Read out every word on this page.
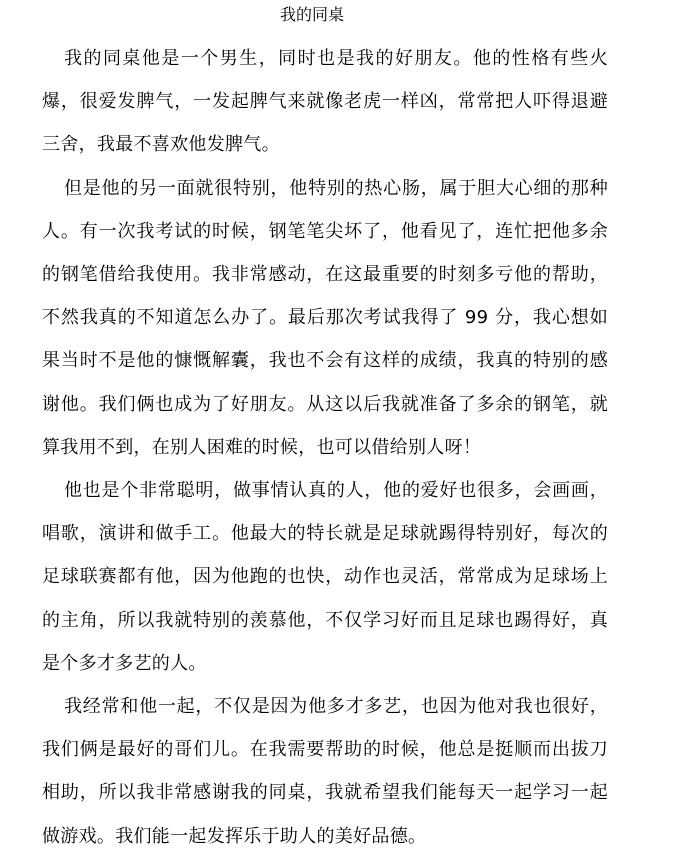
我的同桌

我的同桌他是一个男生，同时也是我的好朋友。他的性格有些火爆，很爱发脾气，一发起脾气来就像老虎一样凶，常常把人吓得退避三舍，我最不喜欢他发脾气。

但是他的另一面就很特别，他特别的热心肠，属于胆大心细的那种人。有一次我考试的时候，钢笔笔尖坏了，他看见了，连忙把他多余的钢笔借给我使用。我非常感动，在这最重要的时刻多亏他的帮助，不然我真的不知道怎么办了。最后那次考试我得了 99 分，我心想如果当时不是他的慷慨解囊，我也不会有这样的成绩，我真的特别的感谢他。我们俩也成为了好朋友。从这以后我就准备了多余的钢笔，就算我用不到，在别人困难的时候，也可以借给别人呀！

他也是个非常聪明，做事情认真的人，他的爱好也很多，会画画，唱歌，演讲和做手工。他最大的特长就是足球就踢得特别好，每次的足球联赛都有他，因为他跑的也快，动作也灵活，常常成为足球场上的主角，所以我就特别的羡慕他，不仅学习好而且足球也踢得好，真是个多才多艺的人。

我经常和他一起，不仅是因为他多才多艺，也因为他对我也很好，我们俩是最好的哥们儿。在我需要帮助的时候，他总是挺顺而出拔刀相助，所以我非常感谢我的同桌，我就希望我们能每天一起学习一起做游戏。我们能一起发挥乐于助人的美好品德。
